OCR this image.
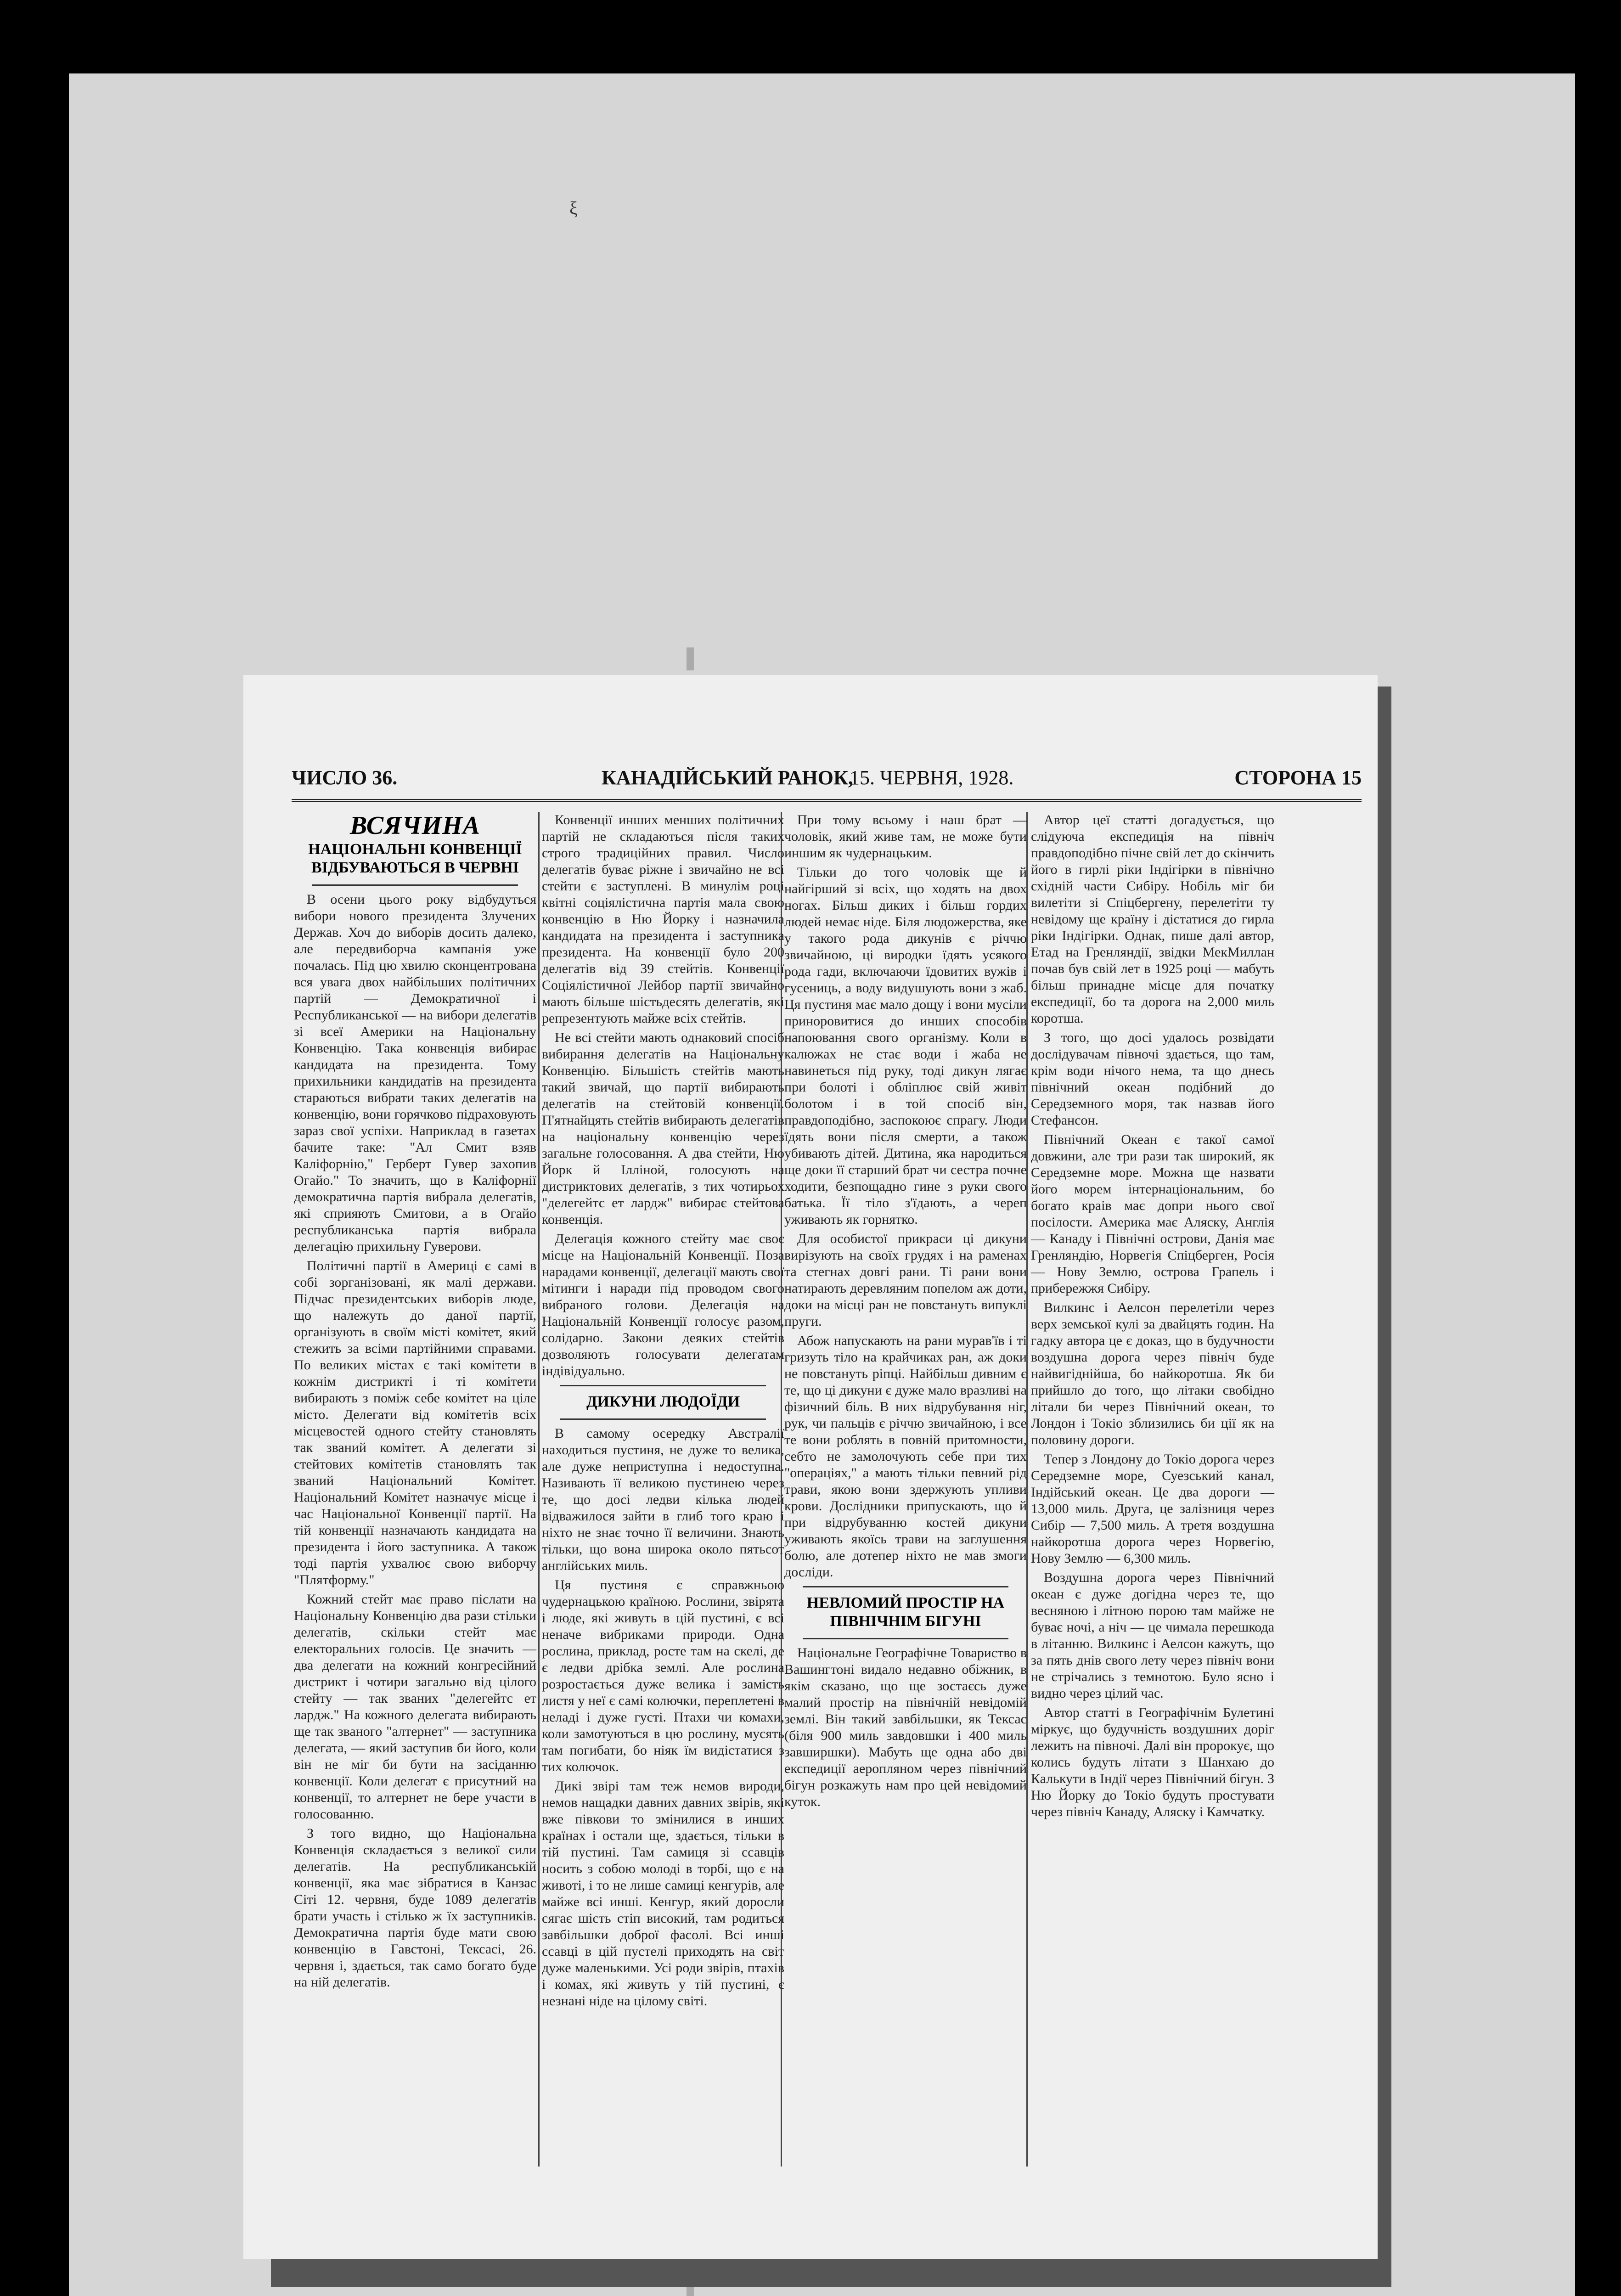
ξ
ЧИСЛО 36.	КАНАДІЙСЬКИЙ РАНОК,
15. ЧЕРВНЯ, 1928.	СТОРОНА 15
ВСЯЧИНА
НАЦІОНАЛЬНІ КОНВЕНЦІЇ ВІДБУВАЮТЬСЯ В ЧЕРВНІ

В осени цього року відбудуться вибори нового президента Злучених Держав. Хоч до виборів досить далеко, але передвиборча кампанія уже почалась. Під цю хвилю сконцентрована вся увага двох найбільших політичних партій — Демократичної і Республиканської — на вибори делегатів зі всеї Америки на Національну Конвенцію. Така конвенція вибирає кандидата на президента. Тому прихильники кандидатів на президента стараються вибрати таких делегатів на конвенцію, вони горячково підраховують зараз свої успіхи. Наприклад в газетах бачите таке: "Ал Смит взяв Каліфорнію," Герберт Гувер захопив Огайо." То значить, що в Каліфорнії демократична партія вибрала делегатів, які сприяють Смитови, а в Огайо республиканська партія вибрала делегацію прихильну Гуверови.

Політичні партії в Америці є самі в собі зорганізовані, як малі держави. Підчас президентських виборів люде, що належуть до даної партії, організують в своїм місті комітет, який стежить за всіми партійними справами. По великих містах є такі комітети в кожнім дистрикті і ті комітети вибирають з поміж себе комітет на ціле місто. Делегати від комітетів всіх місцевостей одного стейту становлять так званий комітет. А делегати зі стейтових комітетів становлять так званий Національний Комітет. Національний Комітет назначує місце і час Національної Конвенції партії. На тій конвенції назначають кандидата на президента і його заступника. А також тоді партія ухвалює свою виборчу "Плятформу."

Кожний стейт має право післати на Національну Конвенцію два рази стільки делегатів, скільки стейт має електоральних голосів. Це значить — два делегати на кожний конгресійний дистрикт і чотири загально від цілого стейту — так званих "делегейтс ет лардж." На кожного делегата вибирають ще так званого "алтернет" — заступника делегата, — який заступив би його, коли він не міг би бути на засіданню конвенції. Коли делегат є присутний на конвенції, то алтернет не бере участи в голосованню.

З того видно, що Національна Конвенція складається з великої сили делегатів. На республиканській конвенції, яка має зібратися в Канзас Сіті 12. червня, буде 1089 делегатів брати участь і стілько ж їх заступників. Демократична партія буде мати свою конвенцію в Гавстоні, Тексасі, 26. червня і, здається, так само богато буде на ній делегатів.

Конвенції инших менших політичних партій не складаються після таких строго традиційних правил. Число делегатів буває ріжне і звичайно не всі стейти є заступлені. В минулім році квітні соціялістична партія мала свою конвенцію в Ню Йорку і назначила кандидата на президента і заступника президента. На конвенції було 200 делегатів від 39 стейтів. Конвенції Соціялістичної Лейбор партії звичайно мають більше шістьдесять делегатів, які репрезентують майже всіх стейтів.

Не всі стейти мають однаковий спосіб вибирання делегатів на Національну Конвенцію. Більшість стейтів мають такий звичай, що партії вибирають делегатів на стейтовій конвенції. П'ятнайцять стейтів вибирають делегатів на національну конвенцію через загальне голосовання. А два стейти, Ню Йорк й Ілліной, голосують на дистриктових делегатів, з тих чотирьох "делегейтс ет лардж" вибирає стейтова конвенція.

Делегація кожного стейту має своє місце на Національній Конвенції. Поза нарадами конвенції, делегації мають свої мітинги і наради під проводом свого вибраного голови. Делегація на Національній Конвенції голосує разом, солідарно. Закони деяких стейтів дозволяють голосувати делегатам індівідуально.

ДИКУНИ ЛЮДОЇДИ

В самому осередку Австралії находиться пустиня, не дуже то велика, але дуже неприступна і недоступна. Називають її великою пустинею через те, що досі ледви кілька людей відважилося зайти в глиб того краю і ніхто не знає точно її величини. Знають тільки, що вона широка около пятьсот англійських миль.

Ця пустиня є справжньою чудернацькою країною. Рослини, звірята і люде, які живуть в цій пустині, є всі неначе вибриками природи. Одна рослина, приклад, росте там на скелі, де є ледви дрібка землі. Але рослина розростається дуже велика і замість листя у неї є самі колючки, переплетені в неладі і дуже густі. Птахи чи комахи, коли замотуються в цю рослину, мусять там погибати, бо ніяк їм видістатися з тих колючок.

Дикі звірі там теж немов вироди, немов нащадки давних давних звірів, які вже півкови то змінилися в инших країнах і остали ще, здається, тільки в тій пустині. Там самиця зі ссавців носить з собою молоді в торбі, що є на животі, і то не лише самиці кенгурів, але майже всі инші. Кенгур, який доросли сягає шість стіп високий, там родиться завбільшки доброї фасолі. Всі инші ссавці в цій пустелі приходять на світ дуже маленькими. Усі роди звірів, птахів і комах, які живуть у тій пустині, є незнані ніде на цілому світі.

При тому всьому і наш брат — чоловік, який живе там, не може бути иншим як чудернацьким.

Тільки до того чоловік ще й найгірший зі всіх, що ходять на двох ногах. Більш диких і більш гордих людей немає ніде. Біля людожерства, яке у такого рода дикунів є річчю звичайною, ці виродки їдять усякого рода гади, включаючи їдовитих вужів і гусениць, а воду видушують вони з жаб. Ця пустиня має мало дощу і вони мусіли приноровитися до инших способів напоювання свого організму. Коли в калюжах не стає води і жаба не навинеться під руку, тоді дикун лягає при болоті і обліплює свій живіт болотом і в той спосіб він, правдоподібно, заспокоює спрагу. Люди їдять вони після смерти, а також убивають дітей. Дитина, яка народиться ще доки її старший брат чи сестра почне ходити, безпощадно гине з руки свого батька. Її тіло з'їдають, а череп уживають як горнятко.

Для особистої прикраси ці дикуни вирізують на своїх грудях і на раменах та стегнах довгі рани. Ті рани вони натирають деревляним попелом аж доти, доки на місці ран не повстануть випуклі пруги.

Абож напускають на рани мурав'їв і ті гризуть тіло на крайчиках ран, аж доки не повстануть ріпці. Найбільш дивним є те, що ці дикуни є дуже мало вразливі на фізичний біль. В них відрубування ніг, рук, чи пальців є річчю звичайною, і все те вони роблять в повній притомности, себто не замолочують себе при тих "операціях," а мають тільки певний рід трави, якою вони здержують упливи крови. Дослідники припускають, що й при відрубуванню костей дикуни уживають якоїсь трави на заглушення болю, але дотепер ніхто не мав змоги досліди.

НЕВЛОМИЙ ПРОСТІР НА ПІВНІЧНІМ БІГУНІ

Національне Географічне Товариство в Вашингтоні видало недавно обіжник, в якім сказано, що ще зостаєсь дуже малий простір на північній невідомій землі. Він такий завбільшки, як Тексас (біля 900 миль завдовшки і 400 миль завширшки). Мабуть ще одна або дві експедиції аеропляном через північний бігун розкажуть нам про цей невідомий куток.

Автор цеї статті догадується, що слідуюча експедиція на північ правдоподібно пічне свій лет до скінчить його в гирлі ріки Індігірки в північно східній части Сибіру. Нобіль міг би вилетіти зі Спіцбергену, перелетіти ту невідому ще країну і дістатися до гирла ріки Індігірки. Однак, пише далі автор, Етад на Гренляндії, звідки МекМиллан почав був свій лет в 1925 році — мабуть більш принадне місце для початку експедиції, бо та дорога на 2,000 миль коротша.

З того, що досі удалось розвідати дослідувачам півночі здається, що там, крім води нічого нема, та що днесь північний океан подібний до Середземного моря, так назвав його Стефансон.

Північний Океан є такої самої довжини, але три рази так широкий, як Середземне море. Можна ще назвати його морем інтернаціональним, бо богато краів має допри нього свої посілости. Америка має Аляску, Англія — Канаду і Північні острови, Данія має Гренляндію, Норвегія Спіцберген, Росія — Нову Землю, острова Грапель і прибережжя Сибіру.

Вилкинс і Аелсон перелетіли через верх земської кулі за двайцять годин. На гадку автора це є доказ, що в будучности воздушна дорога через північ буде найвигіднійша, бо найкоротша. Як би прийшло до того, що літаки свобідно літали би через Північний океан, то Лондон і Токіо зблизились би ції як на половину дороги.

Тепер з Лондону до Токіо дорога через Середземне море, Суезський канал, Індійський океан. Це два дороги — 13,000 миль. Друга, це залізниця через Сибір — 7,500 миль. А третя воздушна найкоротша дорога через Норвегію, Нову Землю — 6,300 миль.

Воздушна дорога через Північний океан є дуже догідна через те, що весняною і літною порою там майже не буває ночі, а ніч — це чимала перешкода в літанню. Вилкинс і Аелсон кажуть, що за пять днів свого лету через північ вони не стрічались з темнотою. Було ясно і видно через цілий час.

Автор статті в Географічнім Булетині міркує, що будучність воздушних доріг лежить на півночі. Далі він пророкує, що колись будуть літати з Шанхаю до Калькути в Індії через Північний бігун. З Ню Йорку до Токіо будуть простувати через північ Канаду, Аляску і Камчатку.
